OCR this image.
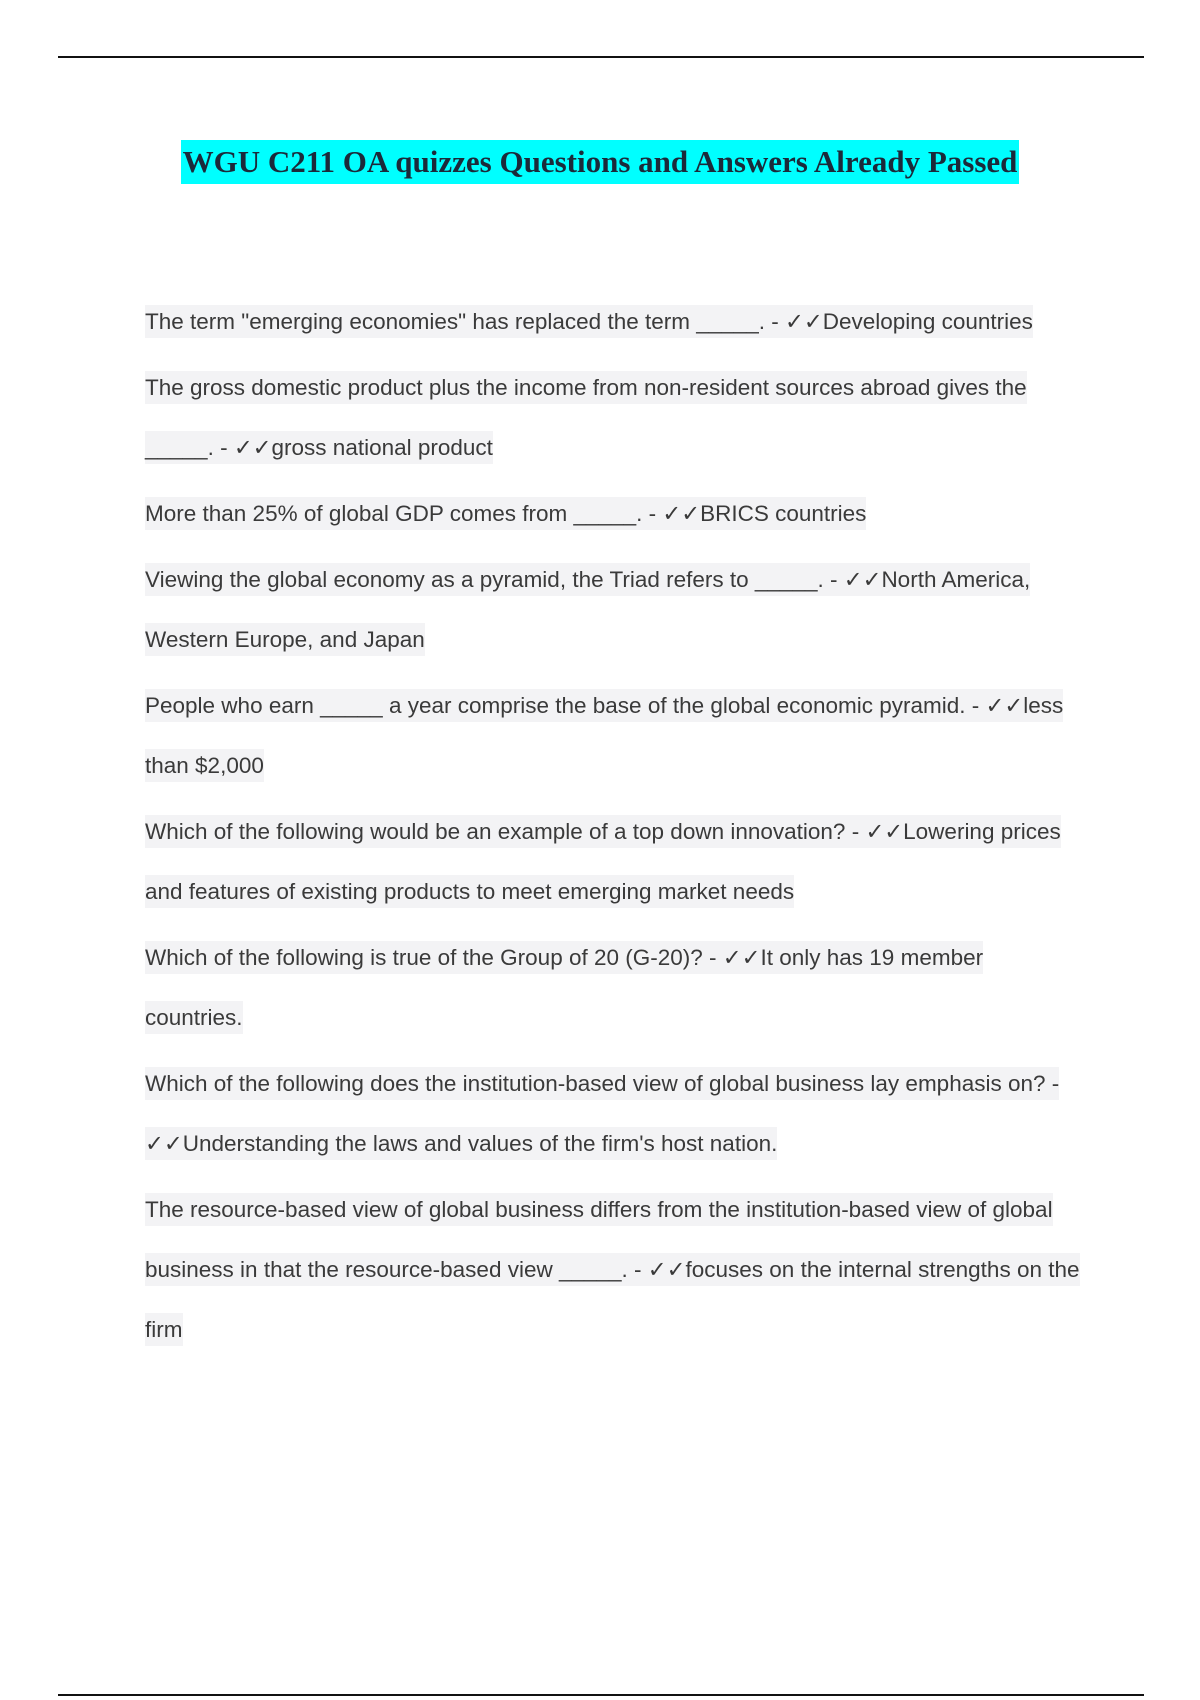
WGU C211 OA quizzes Questions and Answers Already Passed

The term "emerging economies" has replaced the term _____. - ✓✓Developing countries

The gross domestic product plus the income from non-resident sources abroad gives the _____. - ✓✓gross national product

More than 25% of global GDP comes from _____. - ✓✓BRICS countries

Viewing the global economy as a pyramid, the Triad refers to _____. - ✓✓North America, Western Europe, and Japan

People who earn _____ a year comprise the base of the global economic pyramid. - ✓✓less than $2,000

Which of the following would be an example of a top down innovation? - ✓✓Lowering prices and features of existing products to meet emerging market needs

Which of the following is true of the Group of 20 (G-20)? - ✓✓It only has 19 member countries.

Which of the following does the institution-based view of global business lay emphasis on? - ✓✓Understanding the laws and values of the firm's host nation.

The resource-based view of global business differs from the institution-based view of global business in that the resource-based view _____. - ✓✓focuses on the internal strengths on the firm
